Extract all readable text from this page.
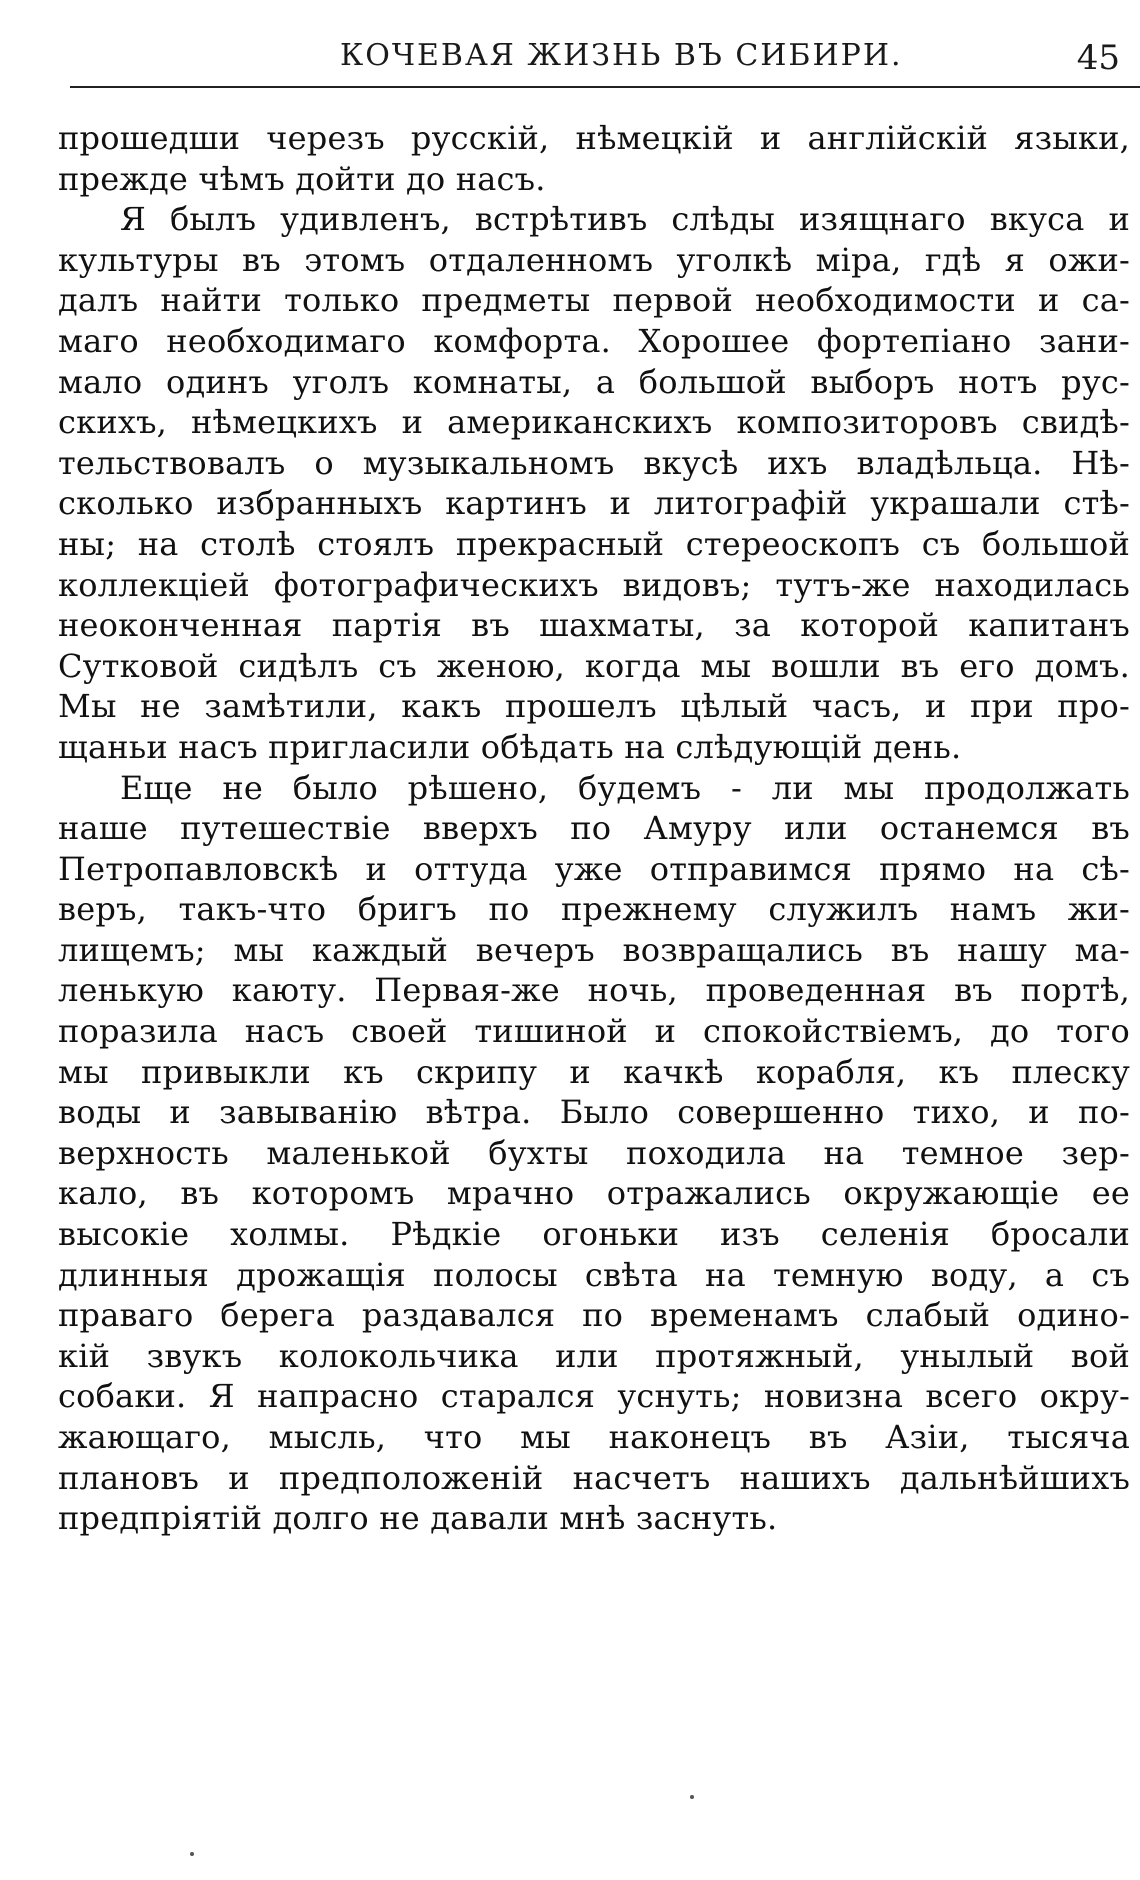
КОЧЕВАЯ ЖИЗНЬ ВЪ СИБИРИ.	45
прошедши черезъ русскій, нѣмецкій и англійскій языки,
прежде чѣмъ дойти до насъ.
Я былъ удивленъ, встрѣтивъ слѣды изящнаго вкуса и
культуры въ этомъ отдаленномъ уголкѣ міра, гдѣ я ожи-
далъ найти только предметы первой необходимости и са-
маго необходимаго комфорта. Хорошее фортепіано зани-
мало одинъ уголъ комнаты, а большой выборъ нотъ рус-
скихъ, нѣмецкихъ и американскихъ композиторовъ свидѣ-
тельствовалъ о музыкальномъ вкусѣ ихъ владѣльца. Нѣ-
сколько избранныхъ картинъ и литографій украшали стѣ-
ны; на столѣ стоялъ прекрасный стереоскопъ съ большой
коллекціей фотографическихъ видовъ; тутъ-же находилась
неоконченная партія въ шахматы, за которой капитанъ
Сутковой сидѣлъ съ женою, когда мы вошли въ его домъ.
Мы не замѣтили, какъ прошелъ цѣлый часъ, и при про-
щаньи насъ пригласили обѣдать на слѣдующій день.
Еще не было рѣшено, будемъ - ли мы продолжать
наше путешествіе вверхъ по Амуру или останемся въ
Петропавловскѣ и оттуда уже отправимся прямо на сѣ-
веръ, такъ-что бригъ по прежнему служилъ намъ жи-
лищемъ; мы каждый вечеръ возвращались въ нашу ма-
ленькую каюту. Первая-же ночь, проведенная въ портѣ,
поразила насъ своей тишиной и спокойствіемъ, до того
мы привыкли къ скрипу и качкѣ корабля, къ плеску
воды и завыванію вѣтра. Было совершенно тихо, и по-
верхность маленькой бухты походила на темное зер-
кало, въ которомъ мрачно отражались окружающіе ее
высокіе холмы. Рѣдкіе огоньки изъ селенія бросали
длинныя дрожащія полосы свѣта на темную воду, а съ
праваго берега раздавался по временамъ слабый одино-
кій звукъ колокольчика или протяжный, унылый вой
собаки. Я напрасно старался уснуть; новизна всего окру-
жающаго, мысль, что мы наконецъ въ Азіи, тысяча
плановъ и предположеній насчетъ нашихъ дальнѣйшихъ
предпріятій долго не давали мнѣ заснуть.
